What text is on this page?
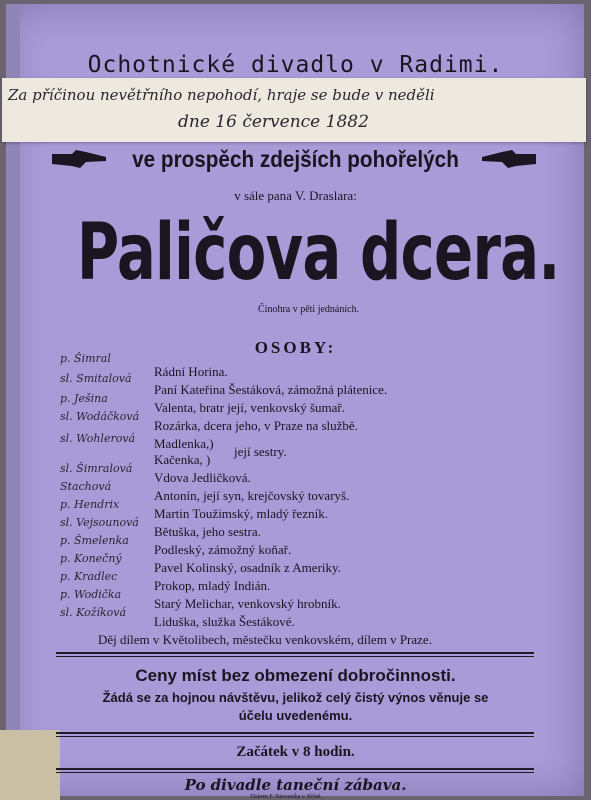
Ochotnické divadlo v Radimi.
Za příčinou nevětřního nepohodí, hraje se bude v neděli
dne 16 července 1882
ve prospěch zdejších pohořelých
v sále pana V. Draslara:
Paličova dcera.
Činohra v pěti jednáních.
OSOBY:
Rádní Horina.
Paní Kateřina Šestáková, zámožná plátenice.
Valenta, bratr její, venkovský šumař.
Rozárka, dcera jeho, v Praze na službě.
Madlenka,)
Kačenka, )
její sestry.
Vdova Jedličková.
Antonín, její syn, krejčovský tovaryš.
Martin Toužimský, mladý řezník.
Bětuška, jeho sestra.
Podleský, zámožný koňař.
Pavel Kolinský, osadník z Ameriky.
Prokop, mladý Indián.
Starý Melichar, venkovský hrobník.
Liduška, služka Šestákové.
p. Šimral
sl. Smitalová
p. Ješina
sl. Wodáčková
sl. Wohlerová
sl. Šimralová
Stachová
p. Hendrix
sl. Vejsounová
p. Šmelenka
p. Konečný
p. Kradlec
p. Wodička
sl. Kožíková
Děj dílem v Květolibech, městečku venkovském, dílem v Praze.
Ceny míst bez obmezení dobročinnosti.
Žádá se za hojnou návštěvu, jelikož celý čistý výnos věnuje se
účelu uvedenému.
Začátek v 8 hodin.
Po divadle taneční zábava.
Tiskem F. Návesníka v Jičíně.
